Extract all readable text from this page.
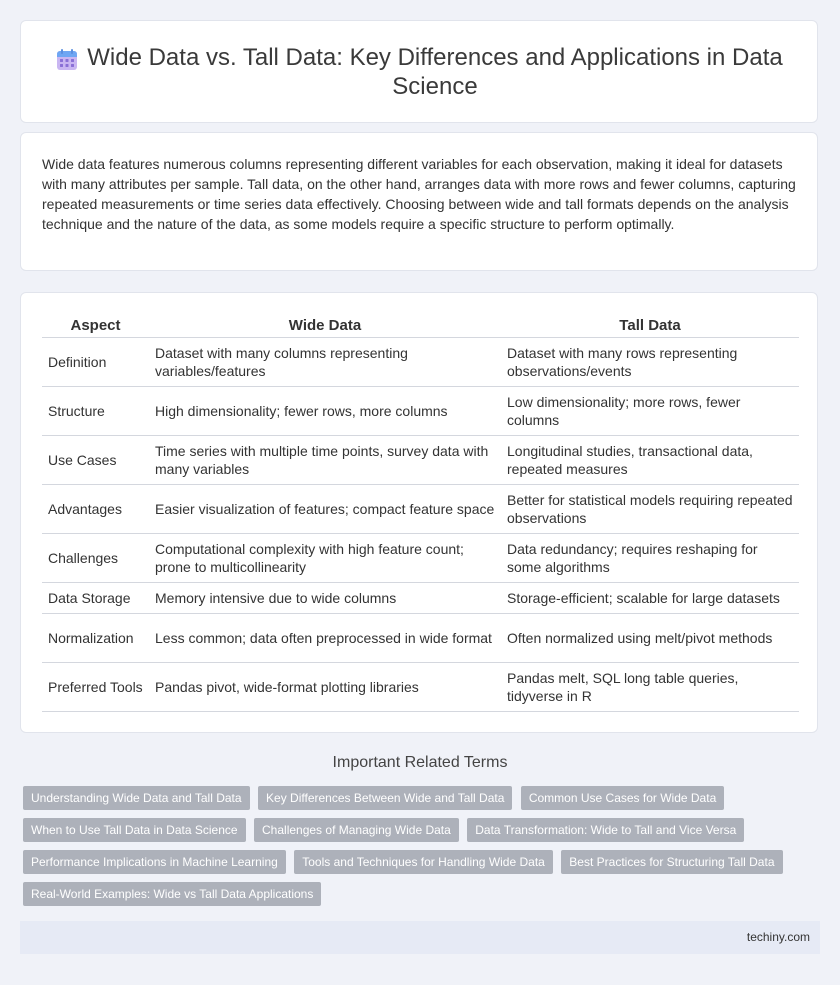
Wide Data vs. Tall Data: Key Differences and Applications in Data Science

Wide data features numerous columns representing different variables for each observation, making it ideal for datasets with many attributes per sample. Tall data, on the other hand, arranges data with more rows and fewer columns, capturing repeated measurements or time series data effectively. Choosing between wide and tall formats depends on the analysis technique and the nature of the data, as some models require a specific structure to perform optimally.

Aspect	Wide Data	Tall Data
Definition	Dataset with many columns representing variables/features	Dataset with many rows representing observations/events
Structure	High dimensionality; fewer rows, more columns	Low dimensionality; more rows, fewer columns
Use Cases	Time series with multiple time points, survey data with many variables	Longitudinal studies, transactional data, repeated measures
Advantages	Easier visualization of features; compact feature space	Better for statistical models requiring repeated observations
Challenges	Computational complexity with high feature count; prone to multicollinearity	Data redundancy; requires reshaping for some algorithms
Data Storage	Memory intensive due to wide columns	Storage-efficient; scalable for large datasets
Normalization	Less common; data often preprocessed in wide format	Often normalized using melt/pivot methods
Preferred Tools	Pandas pivot, wide-format plotting libraries	Pandas melt, SQL long table queries, tidyverse in R
Important Related Terms
Understanding Wide Data and Tall Data Key Differences Between Wide and Tall Data Common Use Cases for Wide Data
When to Use Tall Data in Data Science Challenges of Managing Wide Data Data Transformation: Wide to Tall and Vice Versa
Performance Implications in Machine Learning Tools and Techniques for Handling Wide Data Best Practices for Structuring Tall Data
Real-World Examples: Wide vs Tall Data Applications
techiny.com
